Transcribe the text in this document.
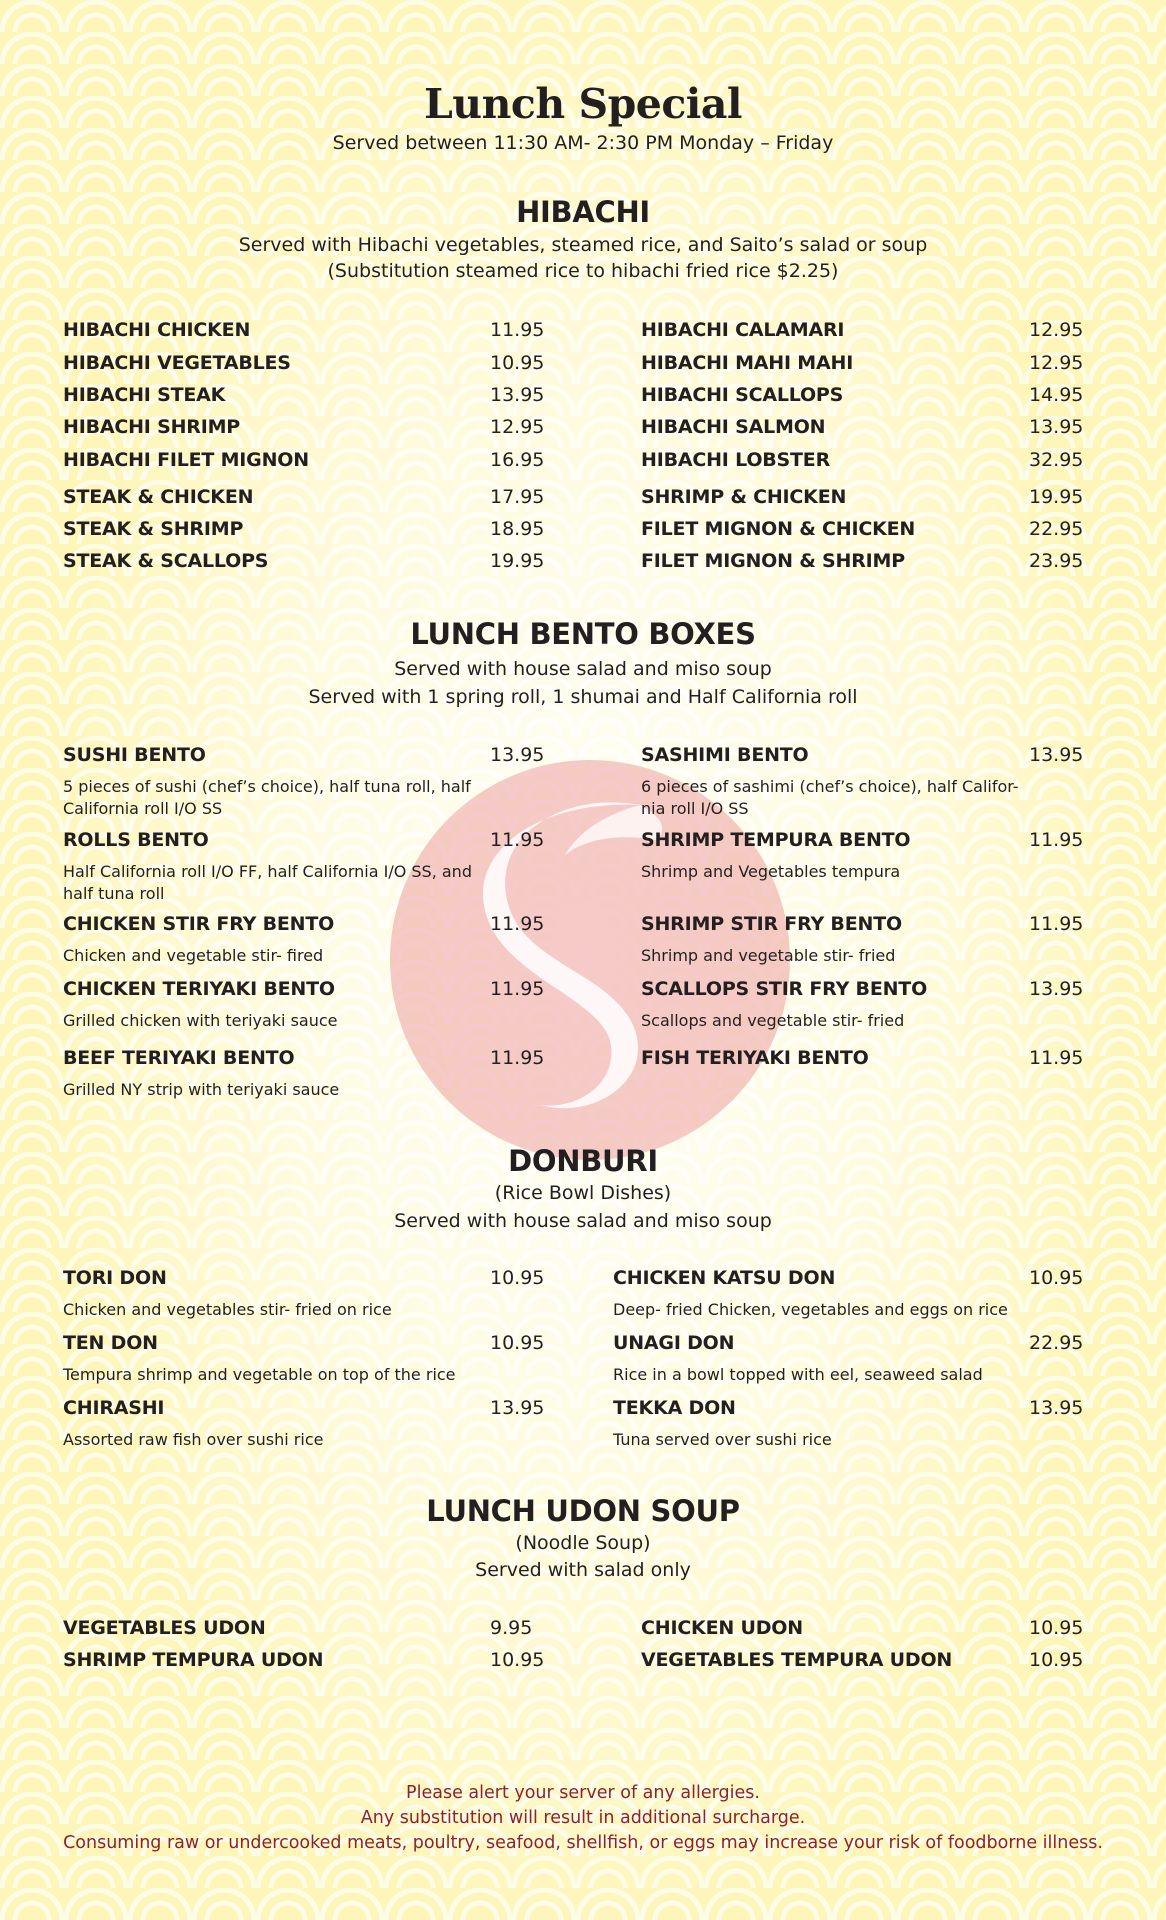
Lunch Special
Served between 11:30 AM- 2:30 PM Monday – Friday
HIBACHI
Served with Hibachi vegetables, steamed rice, and Saito’s salad or soup
(Substitution steamed rice to hibachi fried rice $2.25)
HIBACHI CHICKEN	11.95
HIBACHI VEGETABLES	10.95
HIBACHI STEAK	13.95
HIBACHI SHRIMP	12.95
HIBACHI FILET MIGNON	16.95
STEAK & CHICKEN	17.95
STEAK & SHRIMP	18.95
STEAK & SCALLOPS	19.95
HIBACHI CALAMARI	12.95
HIBACHI MAHI MAHI	12.95
HIBACHI SCALLOPS	14.95
HIBACHI SALMON	13.95
HIBACHI LOBSTER	32.95
SHRIMP & CHICKEN	19.95
FILET MIGNON & CHICKEN	22.95
FILET MIGNON & SHRIMP	23.95
LUNCH BENTO BOXES
Served with house salad and miso soup
Served with 1 spring roll, 1 shumai and Half California roll
SUSHI BENTO	13.95
5 pieces of sushi (chef’s choice), half tuna roll, half
California roll I/O SS
ROLLS BENTO	11.95
Half California roll I/O FF, half California I/O SS, and
half tuna roll
CHICKEN STIR FRY BENTO	11.95
Chicken and vegetable stir- fired
CHICKEN TERIYAKI BENTO	11.95
Grilled chicken with teriyaki sauce
BEEF TERIYAKI BENTO	11.95
Grilled NY strip with teriyaki sauce
SASHIMI BENTO	13.95
6 pieces of sashimi (chef’s choice), half Califor-
nia roll I/O SS
SHRIMP TEMPURA BENTO	11.95
Shrimp and Vegetables tempura
SHRIMP STIR FRY BENTO	11.95
Shrimp and vegetable stir- fried
SCALLOPS STIR FRY BENTO	13.95
Scallops and vegetable stir- fried
FISH TERIYAKI BENTO	11.95
DONBURI
(Rice Bowl Dishes)
Served with house salad and miso soup
TORI DON	10.95
Chicken and vegetables stir- fried on rice
TEN DON	10.95
Tempura shrimp and vegetable on top of the rice
CHIRASHI	13.95
Assorted raw fish over sushi rice
CHICKEN KATSU DON	10.95
Deep- fried Chicken, vegetables and eggs on rice
UNAGI DON	22.95
Rice in a bowl topped with eel, seaweed salad
TEKKA DON	13.95
Tuna served over sushi rice
LUNCH UDON SOUP
(Noodle Soup)
Served with salad only
VEGETABLES UDON	9.95
SHRIMP TEMPURA UDON	10.95
CHICKEN UDON	10.95
VEGETABLES TEMPURA UDON	10.95
Please alert your server of any allergies.
Any substitution will result in additional surcharge.
Consuming raw or undercooked meats, poultry, seafood, shellfish, or eggs may increase your risk of foodborne illness.
